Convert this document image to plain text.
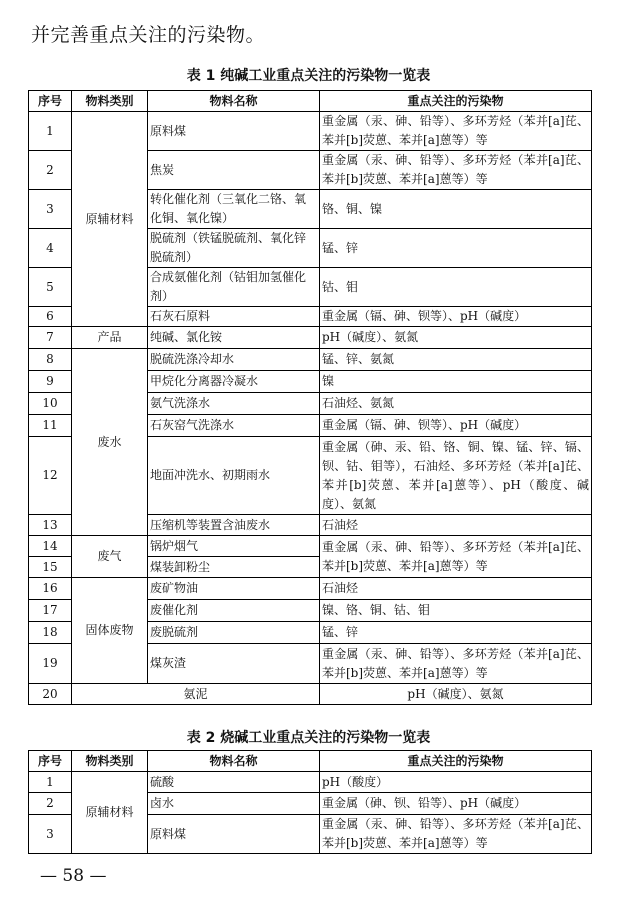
并完善重点关注的污染物。
表 1 纯碱工业重点关注的污染物一览表
序号	物料类别	物料名称	重点关注的污染物
1	原辅材料	原料煤	重金属（汞、砷、铅等）、多环芳烃（苯并[a]芘、苯并[b]荧蒽、苯并[a]蒽等）等
2		焦炭	重金属（汞、砷、铅等）、多环芳烃（苯并[a]芘、苯并[b]荧蒽、苯并[a]蒽等）等
3		转化催化剂（三氧化二铬、氧化铜、氧化镍）	铬、铜、镍
4		脱硫剂（铁锰脱硫剂、氧化锌脱硫剂）	锰、锌
5		合成氨催化剂（钴钼加氢催化剂）	钴、钼
6		石灰石原料	重金属（镉、砷、钡等）、pH（碱度）
7	产品	纯碱、氯化铵	pH（碱度）、氨氮
8	废水	脱硫洗涤冷却水	锰、锌、氨氮
9		甲烷化分离器冷凝水	镍
10		氨气洗涤水	石油烃、氨氮
11		石灰窑气洗涤水	重金属（镉、砷、钡等）、pH（碱度）
12		地面冲洗水、初期雨水	重金属（砷、汞、铅、铬、铜、镍、锰、锌、镉、钡、钴、钼等），石油烃、多环芳烃（苯并[a]芘、苯并[b]荧蒽、苯并[a]蒽等）、pH（酸度、碱度）、氨氮
13		压缩机等装置含油废水	石油烃
14	废气	锅炉烟气	重金属（汞、砷、铅等）、多环芳烃（苯并[a]芘、苯并[b]荧蒽、苯并[a]蒽等）等
15		煤装卸粉尘	
16	固体废物	废矿物油	石油烃
17		废催化剂	镍、铬、铜、钴、钼
18		废脱硫剂	锰、锌
19		煤灰渣	重金属（汞、砷、铅等）、多环芳烃（苯并[a]芘、苯并[b]荧蒽、苯并[a]蒽等）等
20	氨泥		pH（碱度）、氨氮
表 2 烧碱工业重点关注的污染物一览表
序号	物料类别	物料名称	重点关注的污染物
1	原辅材料	硫酸	pH（酸度）
2		卤水	重金属（砷、钡、铅等）、pH（碱度）
3		原料煤	重金属（汞、砷、铅等）、多环芳烃（苯并[a]芘、苯并[b]荧蒽、苯并[a]蒽等）等
— 58 —
